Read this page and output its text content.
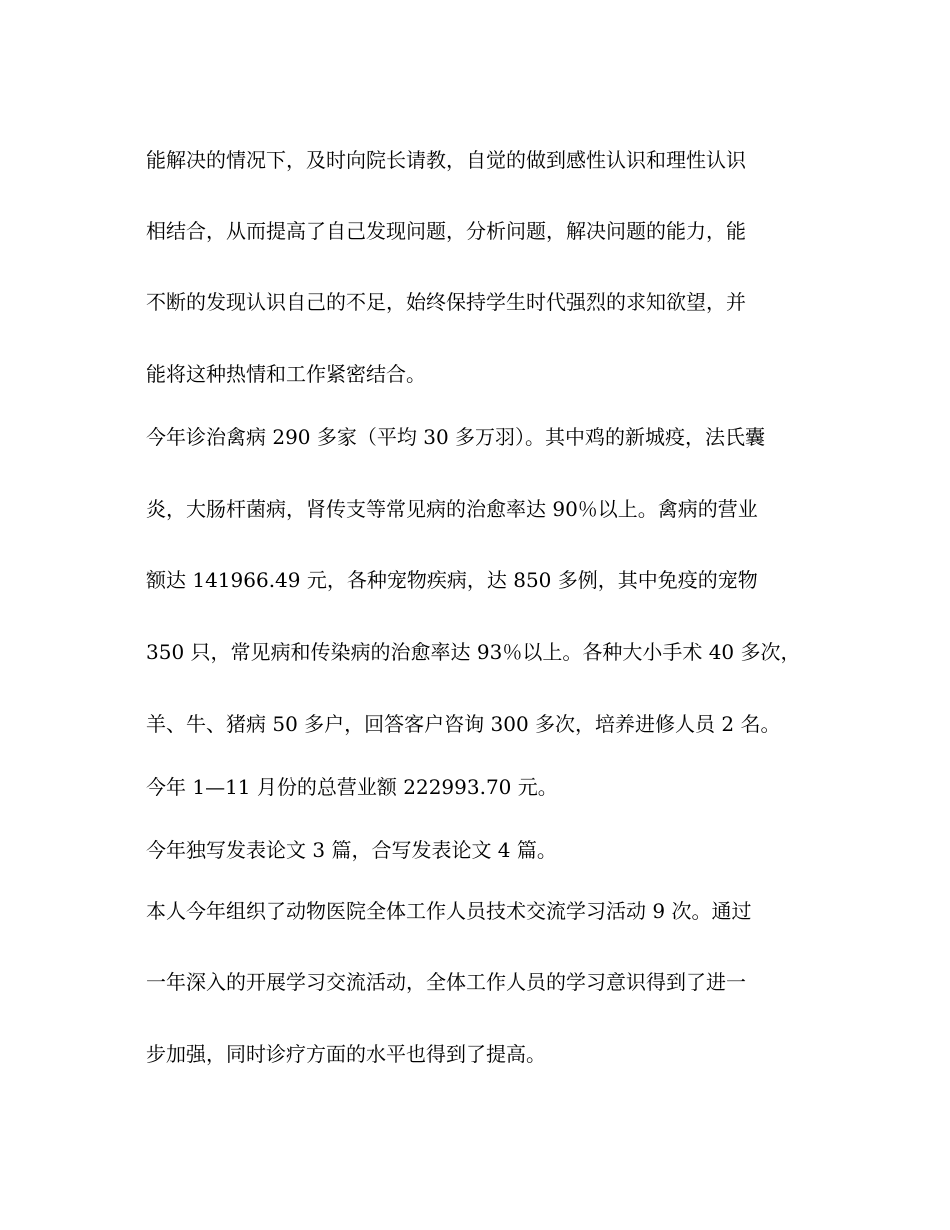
能解决的情况下，及时向院长请教，自觉的做到感性认识和理性认识
相结合，从而提高了自己发现问题，分析问题，解决问题的能力，能
不断的发现认识自己的不足，始终保持学生时代强烈的求知欲望，并
能将这种热情和工作紧密结合。
今年诊治禽病 290 多家（平均 30 多万羽）。其中鸡的新城疫，法氏囊
炎，大肠杆菌病，肾传支等常见病的治愈率达 90％以上。禽病的营业
额达 141966.49 元，各种宠物疾病，达 850 多例，其中免疫的宠物
350 只，常见病和传染病的治愈率达 93％以上。各种大小手术 40 多次，
羊、牛、猪病 50 多户，回答客户咨询 300 多次，培养进修人员 2 名。
今年 1—11 月份的总营业额 222993.70 元。
今年独写发表论文 3 篇，合写发表论文 4 篇。
本人今年组织了动物医院全体工作人员技术交流学习活动 9 次。通过
一年深入的开展学习交流活动，全体工作人员的学习意识得到了进一
步加强，同时诊疗方面的水平也得到了提高。
